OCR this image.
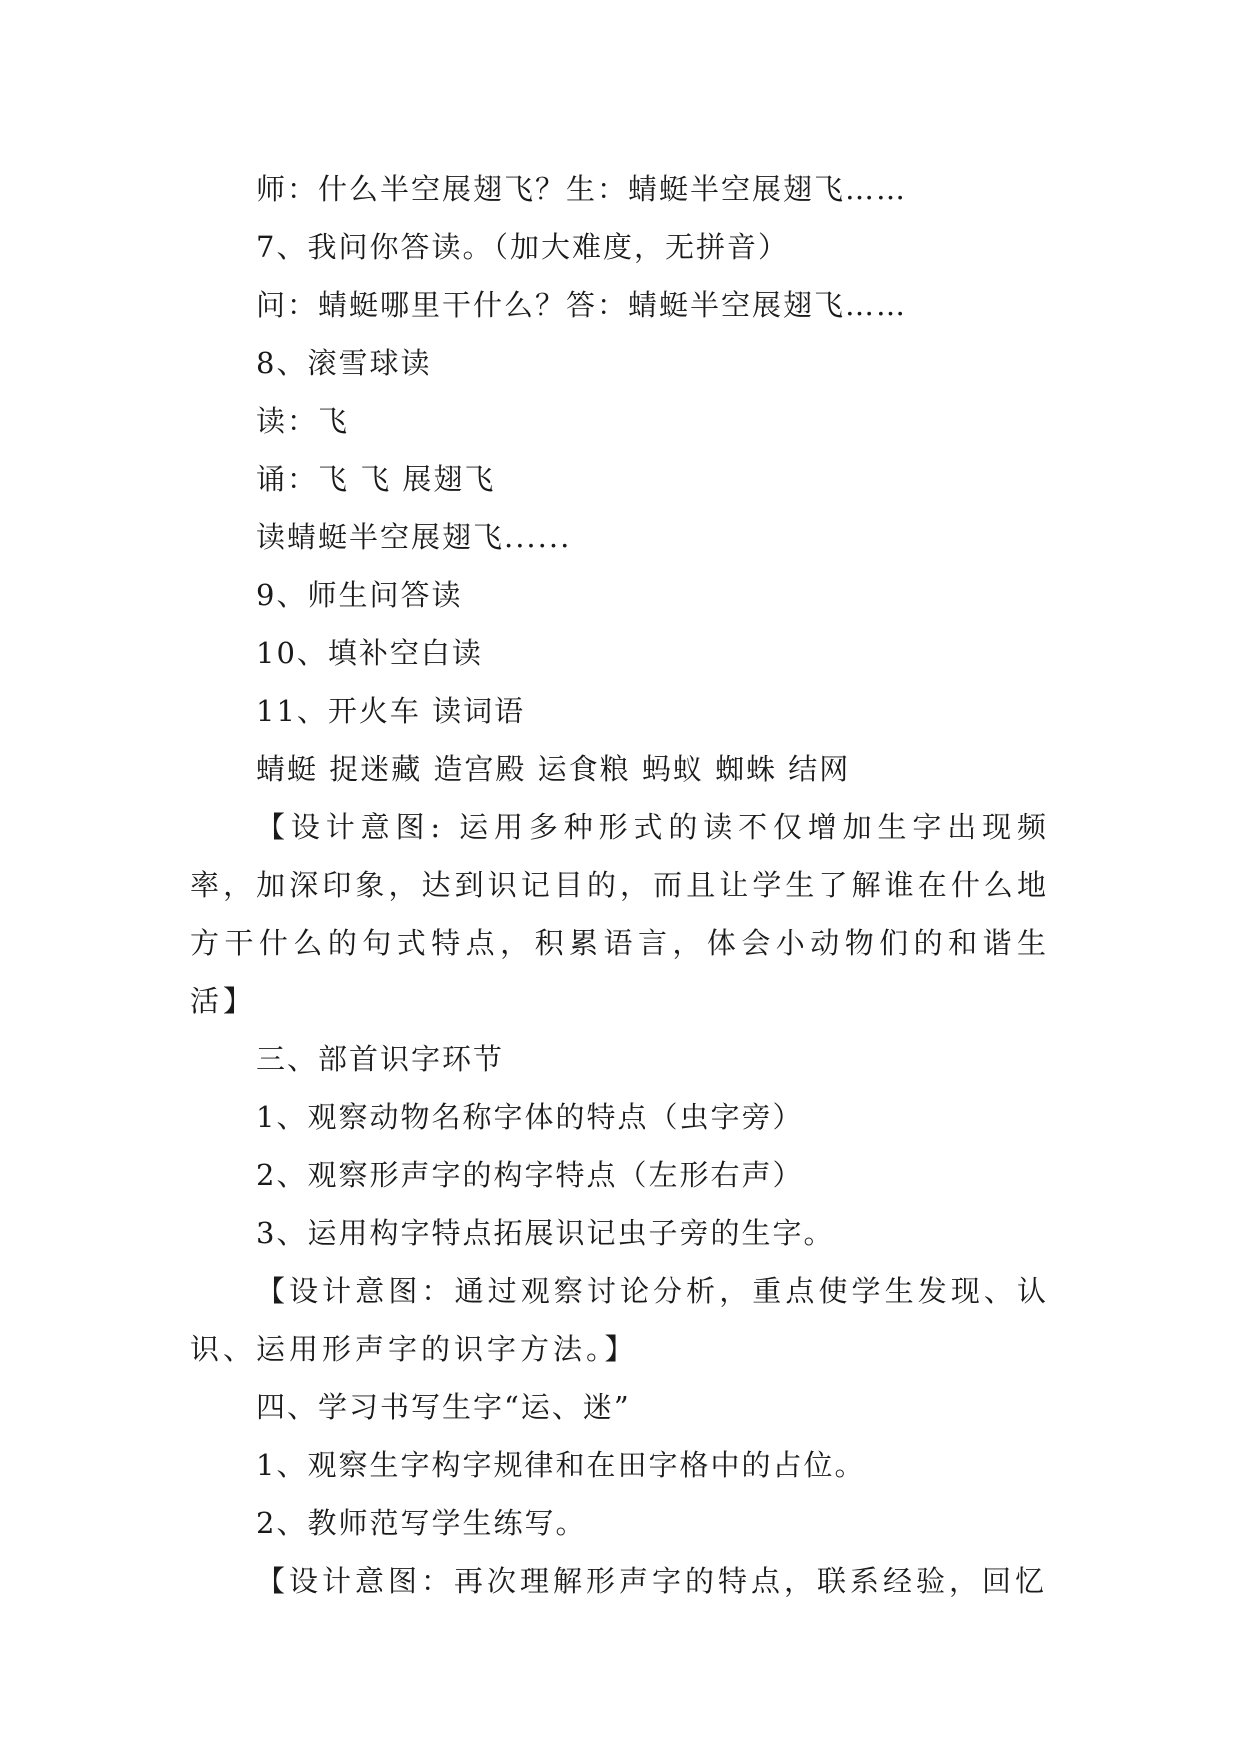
师：什么半空展翅飞？生：蜻蜓半空展翅飞……
7、我问你答读。（加大难度，无拼音）
问：蜻蜓哪里干什么？答：蜻蜓半空展翅飞……
8、滚雪球读
读：飞
诵：飞 飞 展翅飞
读蜻蜓半空展翅飞......
9、师生问答读
10、填补空白读
11、开火车 读词语
蜻蜓 捉迷藏 造宫殿 运食粮 蚂蚁 蜘蛛 结网

【设计意图: 运用多种形式的读不仅增加生字出现频率，加深印象，达到识记目的，而且让学生了解谁在什么地方干什么的句式特点，积累语言，体会小动物们的和谐生活】

三、部首识字环节
1、观察动物名称字体的特点（虫字旁）
2、观察形声字的构字特点（左形右声）
3、运用构字特点拓展识记虫子旁的生字。

【设计意图：通过观察讨论分析，重点使学生发现、认识、运用形声字的识字方法。】

四、学习书写生字“运、迷”
1、观察生字构字规律和在田字格中的占位。
2、教师范写学生练写。

【设计意图：再次理解形声字的特点，联系经验，回忆
